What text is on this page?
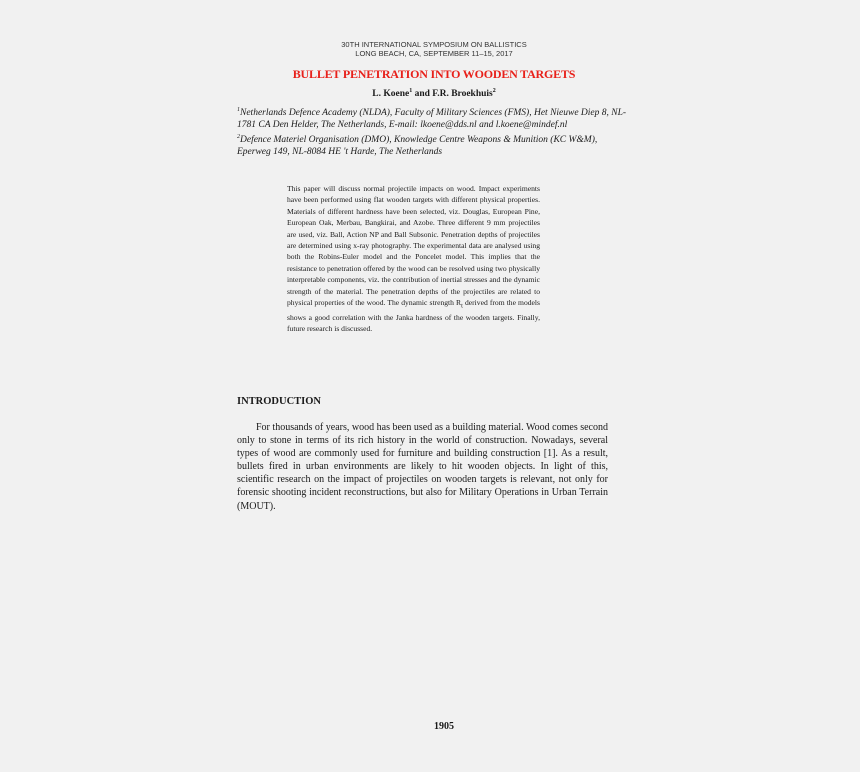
30TH INTERNATIONAL SYMPOSIUM ON BALLISTICS
LONG BEACH, CA, SEPTEMBER 11–15, 2017
BULLET PENETRATION INTO WOODEN TARGETS
L. Koene$^1$ and F.R. Broekhuis$^2$

$^1$Netherlands Defence Academy (NLDA), Faculty of Military Sciences (FMS), Het Nieuwe Diep 8, NL-1781 CA Den Helder, The Netherlands, E-mail: lkoene@dds.nl and l.koene@mindef.nl

$^2$Defence Materiel Organisation (DMO), Knowledge Centre Weapons & Munition (KC W&M), Eperweg 149, NL-8084 HE 't Harde, The Netherlands

This paper will discuss normal projectile impacts on wood. Impact experiments have been performed using flat wooden targets with different physical properties. Materials of different hardness have been selected, viz. Douglas, European Pine, European Oak, Merbau, Bangkirai, and Azobe. Three different 9 mm projectiles are used, viz. Ball, Action NP and Ball Subsonic. Penetration depths of projectiles are determined using x-ray photography. The experimental data are analysed using both the Robins-Euler model and the Poncelet model. This implies that the resistance to penetration offered by the wood can be resolved using two physically interpretable components, viz. the contribution of inertial stresses and the dynamic strength of the material. The penetration depths of the projectiles are related to physical properties of the wood. The dynamic strength $R_t$ derived from the models shows a good correlation with the Janka hardness of the wooden targets. Finally, future research is discussed.
INTRODUCTION
For thousands of years, wood has been used as a building material. Wood comes second only to stone in terms of its rich history in the world of construction. Nowadays, several types of wood are commonly used for furniture and building construction [1]. As a result, bullets fired in urban environments are likely to hit wooden objects. In light of this, scientific research on the impact of projectiles on wooden targets is relevant, not only for forensic shooting incident reconstructions, but also for Military Operations in Urban Terrain (MOUT).
1905
